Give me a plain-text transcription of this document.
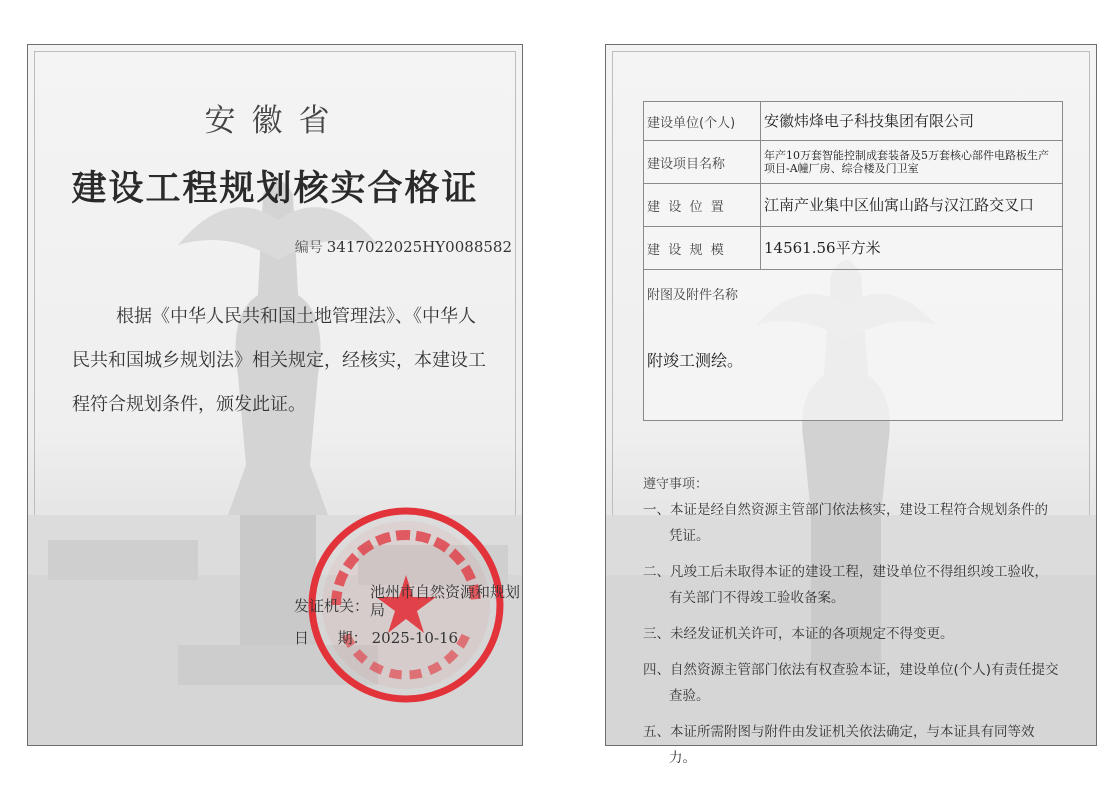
安徽省
建设工程规划核实合格证
编号 3417022025HY0088582

根据《中华人民共和国土地管理法》、《中华人民共和国城乡规划法》相关规定，经核实，本建设工程符合规划条件，颁发此证。

发证机关：
池州市自然资源和规划局
日      期： 2025-10-16
建设单位(个人)	安徽炜烽电子科技集团有限公司
建设项目名称	年产10万套智能控制成套装备及5万套核心部件电路板生产项目-A幢厂房、综合楼及门卫室
建  设  位  置	江南产业集中区仙寓山路与汉江路交叉口
建  设  规  模	14561.56平方米

附图及附件名称
附竣工测绘。	
遵守事项：
一、本证是经自然资源主管部门依法核实，建设工程符合规划条件的凭证。
二、凡竣工后未取得本证的建设工程，建设单位不得组织竣工验收，有关部门不得竣工验收备案。
三、未经发证机关许可，本证的各项规定不得变更。
四、自然资源主管部门依法有权查验本证，建设单位(个人)有责任提交查验。
五、本证所需附图与附件由发证机关依法确定，与本证具有同等效力。
